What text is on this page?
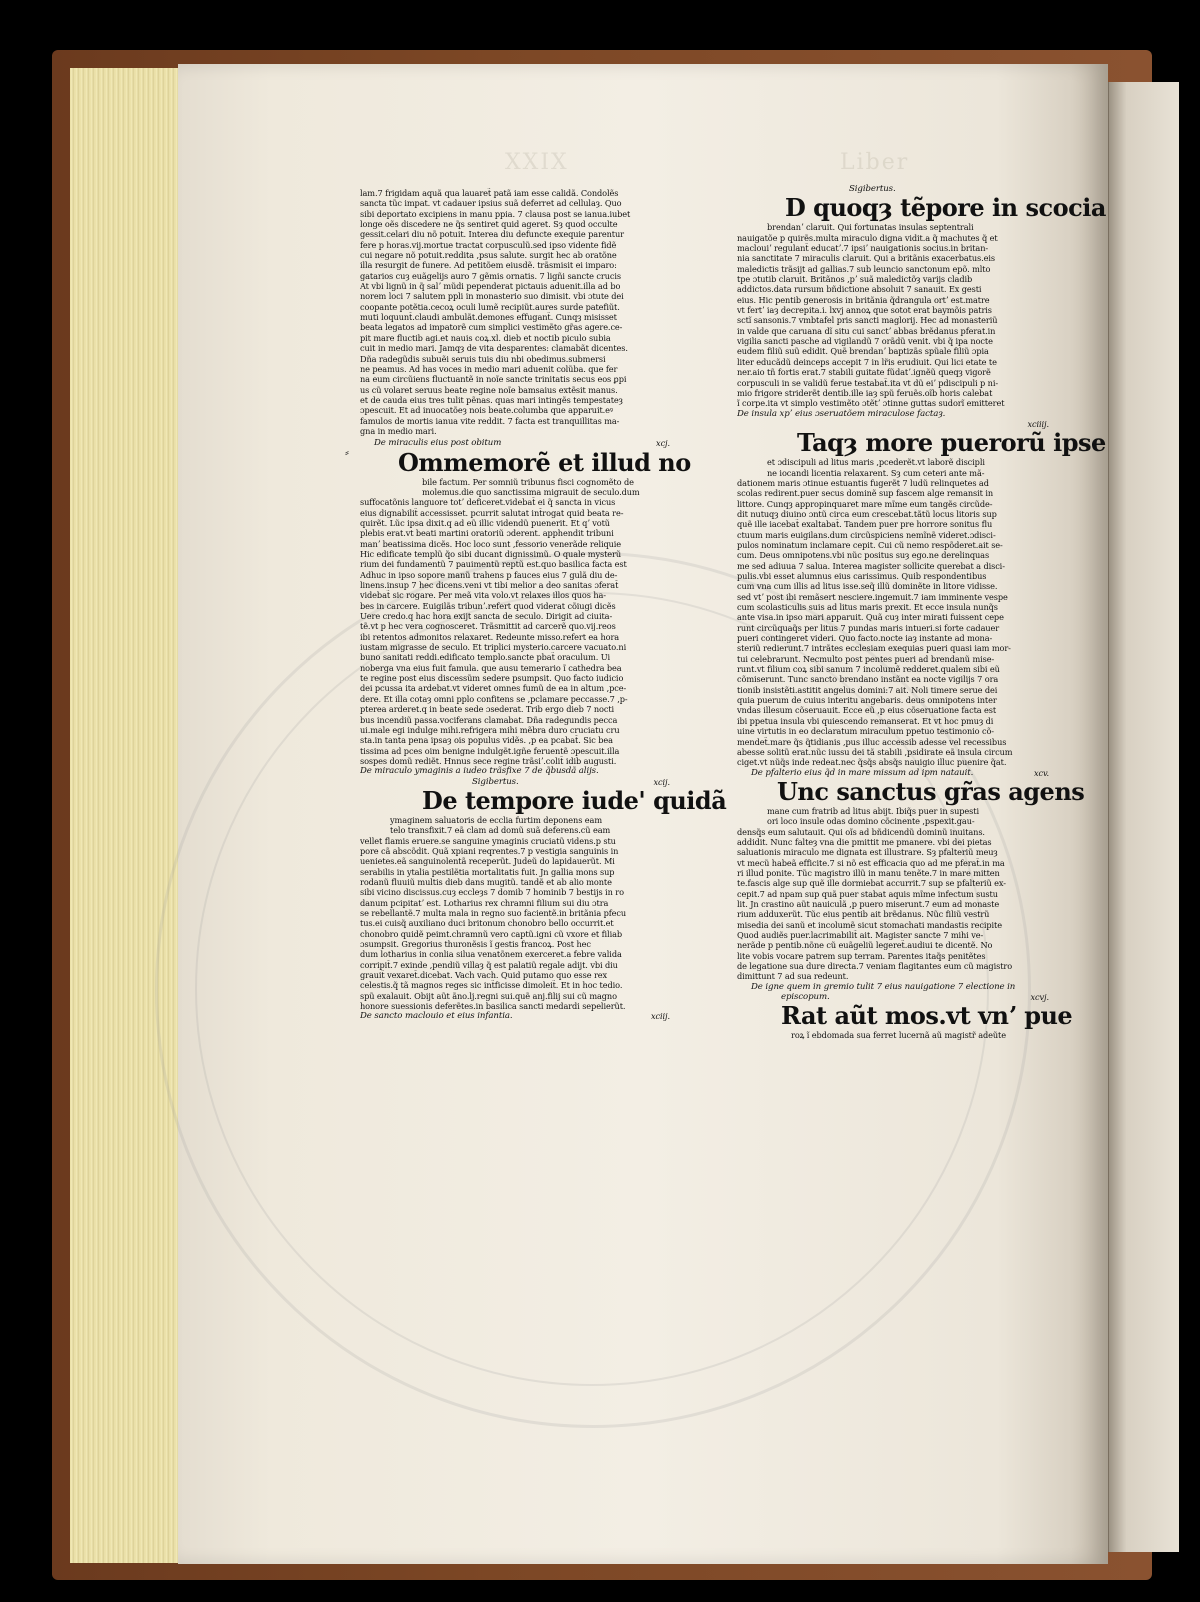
XXIX	Liber
⸗
lam.7 frigidam aquã qua lauaret̃ patã iam esse calidã. Condolẽs
sancta tũc impat. vt cadauer ipsius suã deferret ad cellulaȝ. Quo
sibi deportato excipiens in manu ppia. 7 clausa post se ianua.iubet
longe oẽs discedere ne q̃s sentiret quid ageret. Sȝ quod occulte
gessit.celari diu nõ potuit. Interea diu defuncte exequie parentur
fere p horas.vij.mortue tractat corpusculũ.sed ipso vidente fidẽ
cui negare nõ potuit.reddita ,psus salute. surgit hec ab oratõne
illa resurgit de funere. Ad petitõem eiusdẽ. trãsmisit ei imparo:
gatarios cuȝ euãgelijs auro 7 gẽmis ornatis. 7 ligñi sancte crucis
At vbi lignũ in q̃ salʼ mũdi pependerat pictauis aduenit.illa ad bo
norem loci 7 salutem ppli in monasterio suo dimisit. vbi ɔtute dei
coopante potẽtia.cecoꝝ oculi lumẽ recipiũt.aures surde patefiũt.
muti loquunt̃.claudi ambulãt.demones effugant̃. Cunqȝ misisset
beata legatos ad impatorẽ cum simplici vestimẽto gr̃as agere.ce-
pit mare fluctib agi.et nauis coꝝ.xl. dieb et noctib piculo subia
cuit in medio mari. Jamqȝ de vita desparentes: clamabãt dicentes.
Dña radegũdis subuẽi seruis tuis diu nbi obedimus.submersi
ne peamus. Ad has voces in medio mari aduenit colũba. que fer
na eum circũiens fluctuantẽ in noĩe sancte trinitatis secus eos ꝑpi
us cũ volaret seruus beate regine noĩe bamsaius extẽsit manus.
et de cauda eius tres tulit pẽnas. quas mari intingẽs tempestateȝ
ɔpescuit. Et ad inuocatõeȝ nois beate.columba que apparuit.eꝰ
famulos de mortis ianua vite reddit. 7 facta est tranquillitas ma-
gna in medio mari.
De miraculis eius post obitum	xcj.
Ommemorẽ et illud no
bile factum. Per somniũ tribunus fisci cognomẽto de
molemus.die quo sanctissima migrauit de seculo.dum
suffocatõnis languore totʼ deficeret.videbat̃ ei q̃ sancta in vicus
eius dignabilit̃ accessisset. pcurrit salutat int̃rogat quid beata re-
quirẽt. Lũc ipsa dixit.q ad eũ illic videndũ puenerit. Et qʼ votũ
plebis erat.vt beati martini oratoriũ ɔderent. apphendit tribuni
manʼ beatissima dicẽs. Hoc loco sunt ,fessorio venerãde reliquie
Hic edificate templũ q̃o sibi ducant dignissimũ. O quale mysterũ
rium dei fundamentũ 7 pauimentũ reptũ est.quo basilica facta est
Adhuc in ipso sopore manũ trahens p fauces eius 7 gulã diu de-
linens.insup 7 hec dicens.veni vt tibi melior a deo sanitas ɔferat̃
videbat̃ sic rogare. Per meã vita volo.vt relaxes illos quos ha-
bes in carcere. Euigilãs tribunʼ.refert quod viderat cõiugi dicẽs
Uere credo.q hac hora exijt sancta de seculo. Dirigit ad ciuita-
tẽ.vt p hec vera cognosceret. Trãsmittit ad carcerẽ quo.vij.reos
ibi retentos admonitos relaxaret. Redeunte misso.refert ea hora
iustam migrasse de seculo. Et triplici mysterio.carcere vacuato.ni
buno sanitati reddi.edificato templo.sancte pbat̃ oraculum. Ui
noberga vna eius fuit famula. que ausu temerario ĩ cathedra bea
te regine post eius discessũm sedere psumpsit. Quo facto iudicio
dei pcussa ita ardebat.vt videret omnes fumũ de ea in altum ,pce-
dere. Et illa cotaȝ omni pplo confitens se ,pclamare peccasse.7 ,p-
pterea arderet.q in beate sede ɔsederat. Trib ergo dieb 7 nocti
bus incendiũ passa.vociferans clamabat. Dña radegundis pecca
ui.male egi indulge mihi.refrigera mihi mẽbra duro cruciatu cru
sta.in tanta pena ipsaȝ ois populus vidẽs. ,p ea pcabat̃. Sic bea
tissima ad pces oim benigne indulgẽt.igñe feruentẽ ɔpescuit.illa
sospes domũ rediẽt. Hnnus sece regine trãsiʼ.colit̃ idib augusti.
De miraculo ymaginis a iudeo trãsfixe 7 de q̃busdã alijs.
Sigibertus.	xcij.
De tempore iude' quidã
ymaginem saluatoris de ecclia furtim deponens eam
telo transfixit.7 eã clam ad domũ suã deferens.cũ eam
vellet flamis eruere.se sanguine ymaginis cruciatũ videns.p stu
pore cã abscõdit. Quã xpiani reqrentes.7 p vestigia sanguinis in
uenietes.eã sanguinolentã receperũt. Judeũ do lapidauerũt. Mi
serabilis in ytalia pestilẽtia mortalitatis fuit. Jn gallia mons sup
rodanũ fluuiũ multis dieb dans mugitũ. tandẽ et ab alio monte
sibi vicino discissus.cuȝ eccleȝs 7 domib 7 hominib 7 bestijs in ro
danum pcipitatʼ est. Lotharius rex chramni filium sui diu ɔtra
se rebellantẽ.7 multa mala in regno suo facientẽ.in britãnia pfecu
tus.ei cuisq̃ auxiliano duci britonum chonobro bello occurrit.et
chonobro quidẽ peimt.chramnũ vero captũ.igni cũ vxore et filiab
ɔsumpsit. Gregorius thuronẽsis ĩ gestis francoꝝ. Post hec
dum lotharius in conlia silua venatõnem exerceret.a febre valida
corripit̃.7 exinde ,pendiũ villaȝ q̃ est palatiũ regale adijt. vbi diu
grauit̃ vexaret̃.dicebat. Vach vach. Quid putamo quo esse rex
celestis.q̃ tã magnos reges sic int̃ficisse dimoleit̃. Et in hoc tedio.
spũ exalauit. Obijt aũt ãno.lj.regni sui.quẽ anj.filij sui cũ magno
honore suessionis deferẽtes.in basilica sancti medardi sepelierũt.
De sancto maclouio et eius infantia.	xciij.
Sigibertus.
D quoqȝ tẽpore in scocia
brendanʼ claruit. Qui fortunatas insulas septentrali
nauigatõe p quirẽs.multa miraculo digna vidit.a q̃ machutes q̃ et
maclouiʼ regulant̃ educatʼ.7 ipsiʼ nauigationis socius.in britan-
nia sanctitate 7 miraculis claruit. Qui a britãnis exacerbatus.eis
maledictis trãsijt ad gallias.7 sub leuncio sanctonum epõ. mlto
tpe ɔtutib claruit. Britãnos ,pʼ suã maledictõȝ varijs cladib
addictos.data rursum bñdictione absoluit 7 sanauit. Ex gesti
eius. Hic pentib generosis in britãnia q̃drangula ortʼ est.matre
vt fertʼ iaȝ decrepita.i. lxvj annoꝝ que sotot erat baymõis patris
sctĩ sansonis.7 vmbtafel pris sancti maglorij. Hec ad monasteriũ
in valde que caruana dĩ situ cui sanctʼ abbas brẽdanus pferat.in
vigilia sancti pasche ad vigilandũ 7 orãdũ venit. vbi q̃ ipa nocte
eudem filiũ suũ edidit. Quẽ brendanʼ baptizãs spũale filiũ ɔpia
liter educãdũ deinceps accepit 7 in lr̃is erudiuit. Qui lici etate te
ner.aio tñ fortis erat.7 stabili guitate fũdatʼ.ignẽũ queqȝ vigorẽ
corpusculi in se validũ ferue testabat̃.ita vt dũ eiʼ pdiscipuli p ni-
mio frigore striderẽt dentib.ille iaȝ spũ feruẽs.oĩb horis calebat
ĩ corpe.ita vt simplo vestimẽto ɔtẽtʼ ɔtinne guttas sudorĩ emitteret
De insula xpʼ eius ɔseruatõem miraculose factaȝ.
xciiij.
Taqȝ more puerorũ ipse
et ɔdiscipuli ad litus maris ,pcederẽt.vt laborẽ discipli
ne iocandi licentia relaxarent. Sȝ cum ceteri ante mã-
dationem maris ɔtinue estuantis fugerẽt 7 ludũ relinquetes ad
scolas redirent.puer secus dominẽ sup fascem alge remansit in
littore. Cunqȝ appropinquaret mare mĩme eum tangẽs circũde-
dit nutuqȝ diuino ɔntũ circa eum crescebat.tãtũ locus litoris sup
quẽ ille iacebat̃ exaltabat̃. Tandem puer pre horrore sonitus flu
ctuum maris euigilans.dum circũspiciens nemĩnẽ videret.ɔdisci-
pulos nominatum inclamare cepit. Cui cũ nemo respõderet.ait se-
cum. Deus omnipotens.vbi nũc positus suȝ ego.ne derelinquas
me sed adiuua 7 salua. Interea magister sollicite querebat a disci-
pulis.vbi esset alumnus eius carissimus. Quib respondentibus
cum vna cum illis ad litus isse.seq̃ illũ dominẽte in litore vidisse.
sed vtʼ post ibi remãsert nesciere.ingemuit.7 iam imminente vespe
cum scolasticulis suis ad litus maris prexit. Et ecce insula nunq̃s
ante visa.in ipso mari apparuit. Quã cuȝ inter mirati fuissent cepe
runt circũquaq̃s per litus 7 pundas maris intueri.si forte cadauer
pueri contingeret videri. Quo facto.nocte iaȝ instante ad mona-
steriũ redierunt.7 intrãtes ecclesiam exequias pueri quasi iam mor-
tui celebrarunt. Necmulto post pentes pueri ad brendanũ mise-
runt.vt filium coꝝ sibi sanum 7 incolumẽ redderet.qualem sibi eũ
cõmiserunt. Tunc sancto brendano instãnt ea nocte vigilijs 7 ora
tionib insistẽti.astitit angelus domini:7 ait. Noli timere serue dei
quia puerum de cuius interitu angebaris. deus omnipotens inter
vndas illesum cõseruauit. Ecce eũ ,p eius cõseruatione facta est
ibi ppetua insula vbi quiescendo remanserat. Et vt hoc pmuȝ di
uine virtutis in eo declaratum miraculum ppetuo testimonio cõ-
mendet̃.mare q̃s q̃tidianis ,pus illuc accessib adesse vel recessibus
abesse solitũ erat.nũc iussu dei tã stabili ,psidirate eã insula circum
ciget.vt nũq̃s inde redeat.nec q̃sq̃s absq̃s nauigio illuc puenire q̃at.
De pfalterio eius q̃d in mare missum ad ipm natauit.	xcv.
Unc sanctus gr̃as agens
mane cum fratrib ad litus abijt. Ibiq̃s puer in supesti
ori loco insule odas domino cõcinente ,pspexit.gau-
densq̃s eum salutauit. Qui oĩs ad bñdicendũ dominũ inuitans.
addidit. Nunc falteȝ vna die pmittit me pmanere. vbi dei pietas
saluationis miraculo me dignata est illustrare. Sȝ pfalteriũ meuȝ
vt mecũ habeã efficite.7 si nõ est efficacia quo ad me pferat̃.in ma
ri illud ponite. Tũc magistro illũ in manu tenẽte.7 in mare mitten
te.fascis alge sup quẽ ille dormiebat accurrit.7 sup se pfalteriũ ex-
cepit.7 ad npam sup quã puer stabat aquis mĩme infectum sustu
lit. Jn crastino aũt nauiculã ,p puero miserunt.7 eum ad monaste
rium adduxerũt. Tũc eius pentib ait brẽdanus. Nũc filiũ vestrũ
misedia dei sanũ et incolumẽ sicut stomachati mandastis recipite
Quod audiẽs puer.lacrimabilit̃ ait. Magister sancte 7 mihi ve-
nerãde p pentib.nõne cũ euãgeliũ legeret̃.audiui te dicentẽ. No
lite vobis vocare patrem sup terram. Parentes itaq̃s penitẽtes
de legatione sua dure directa.7 veniam flagitantes eum cũ magistro
dimittunt 7 ad sua redeunt.
De igne quem in gremio tulit 7 eius nauigatione 7 electione in
episcopum.	xcvj.
Rat aũt mos.vt vnʼ pue
roꝝ ĩ ebdomada sua ferret lucernã aũ magistr̃ adeũte
